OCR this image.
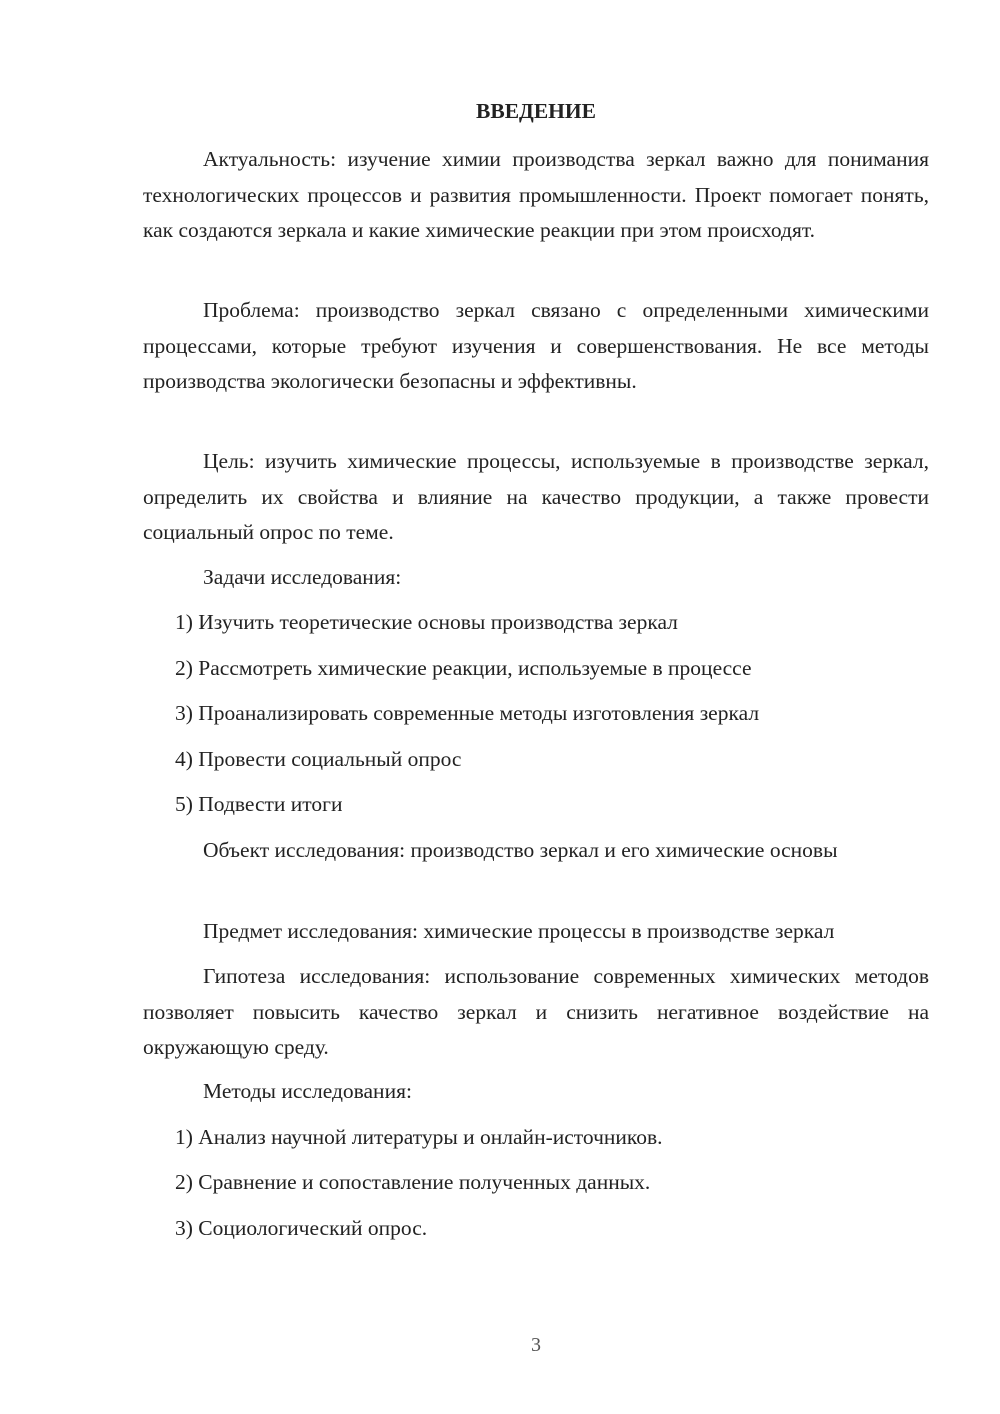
ВВЕДЕНИЕ

Актуальность: изучение химии производства зеркал важно для понимания технологических процессов и развития промышленности. Проект помогает понять, как создаются зеркала и какие химические реакции при этом происходят.

Проблема: производство зеркал связано с определенными химическими процессами, которые требуют изучения и совершенствования. Не все методы производства экологически безопасны и эффективны.

Цель: изучить химические процессы, используемые в производстве зеркал, определить их свойства и влияние на качество продукции, а также провести социальный опрос по теме.

Задачи исследования:

1) Изучить теоретические основы производства зеркал

2) Рассмотреть химические реакции, используемые в процессе

3) Проанализировать современные методы изготовления зеркал

4) Провести социальный опрос

5) Подвести итоги

Объект исследования: производство зеркал и его химические основы

Предмет исследования: химические процессы в производстве зеркал

Гипотеза исследования: использование современных химических методов позволяет повысить качество зеркал и снизить негативное воздействие на окружающую среду.

Методы исследования:

1) Анализ научной литературы и онлайн-источников.

2) Сравнение и сопоставление полученных данных.

3) Социологический опрос.

3
